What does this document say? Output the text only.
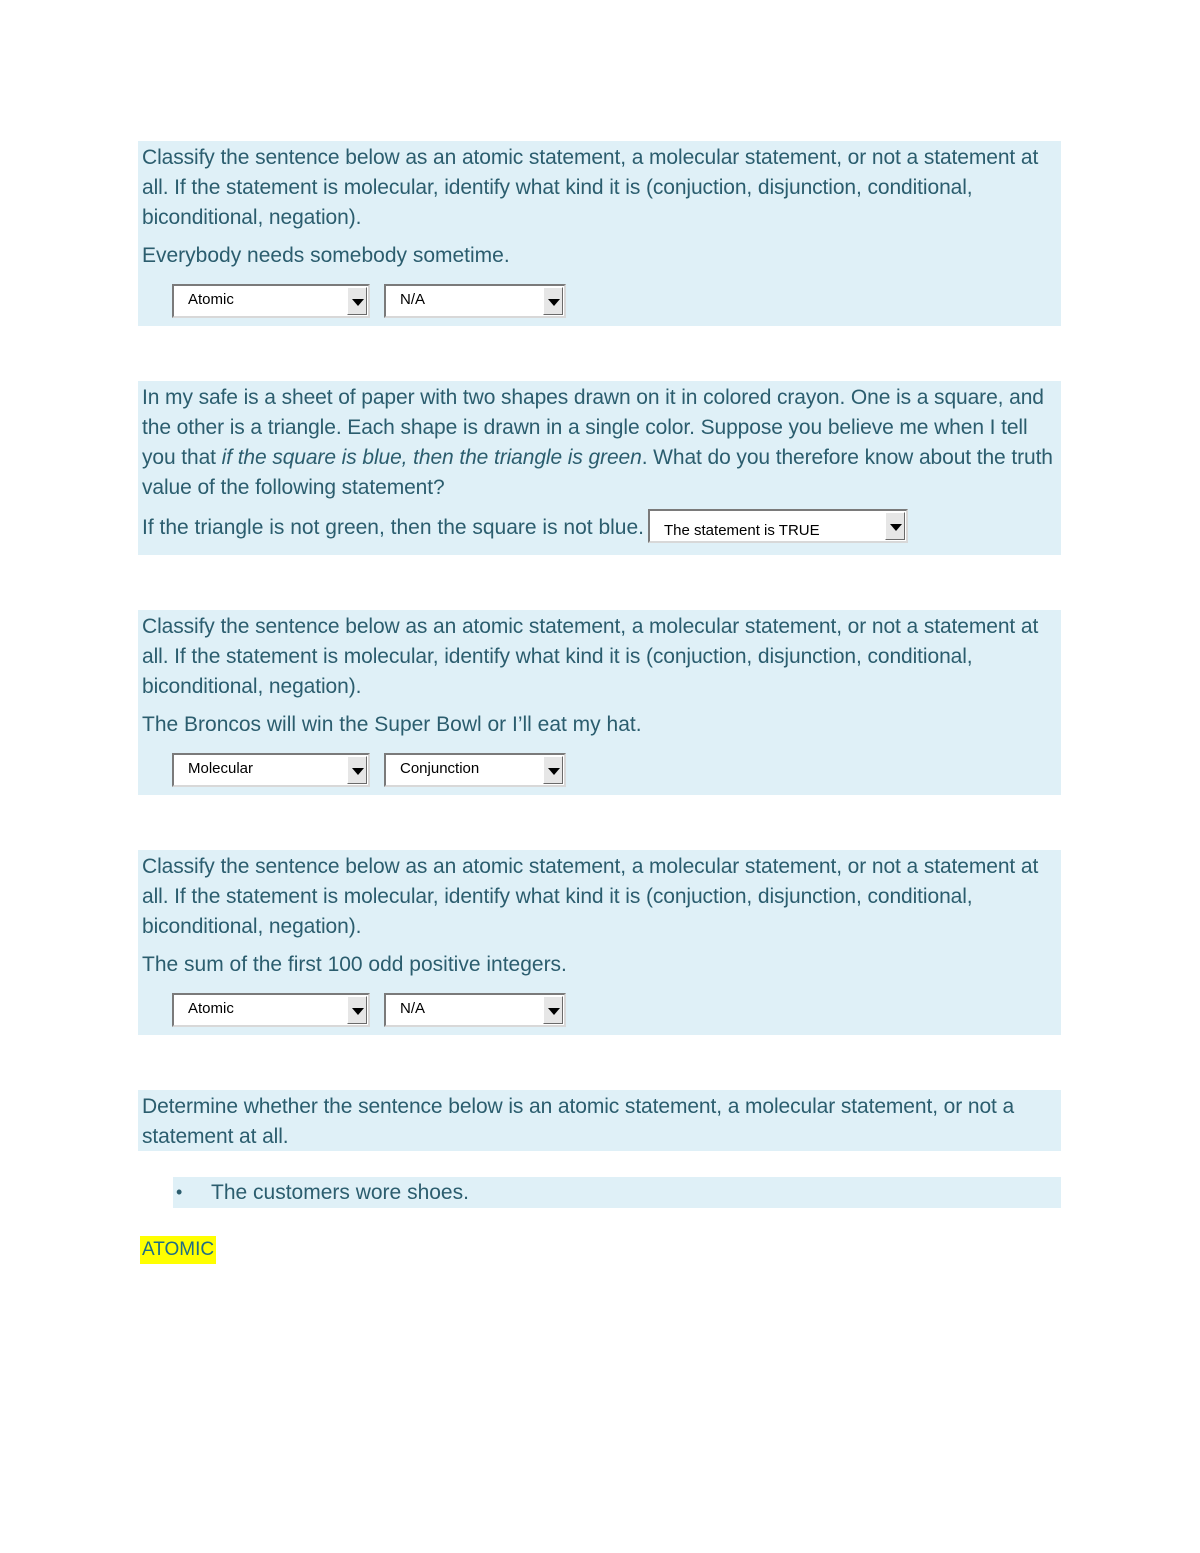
Classify the sentence below as an atomic statement, a molecular statement, or not a statement at all. If the statement is molecular, identify what kind it is (conjuction, disjunction, conditional, biconditional, negation).

Everybody needs somebody sometime.

Atomic	N/A

In my safe is a sheet of paper with two shapes drawn on it in colored crayon. One is a square, and the other is a triangle. Each shape is drawn in a single color. Suppose you believe me when I tell you that if the square is blue, then the triangle is green. What do you therefore know about the truth value of the following statement?

If the triangle is not green, then the square is not blue. The statement is TRUE

Classify the sentence below as an atomic statement, a molecular statement, or not a statement at all. If the statement is molecular, identify what kind it is (conjuction, disjunction, conditional, biconditional, negation).

The Broncos will win the Super Bowl or I’ll eat my hat.

Molecular	Conjunction

Classify the sentence below as an atomic statement, a molecular statement, or not a statement at all. If the statement is molecular, identify what kind it is (conjuction, disjunction, conditional, biconditional, negation).

The sum of the first 100 odd positive integers.

Atomic	N/A

Determine whether the sentence below is an atomic statement, a molecular statement, or not a statement at all.

• The customers wore shoes.
ATOMIC
